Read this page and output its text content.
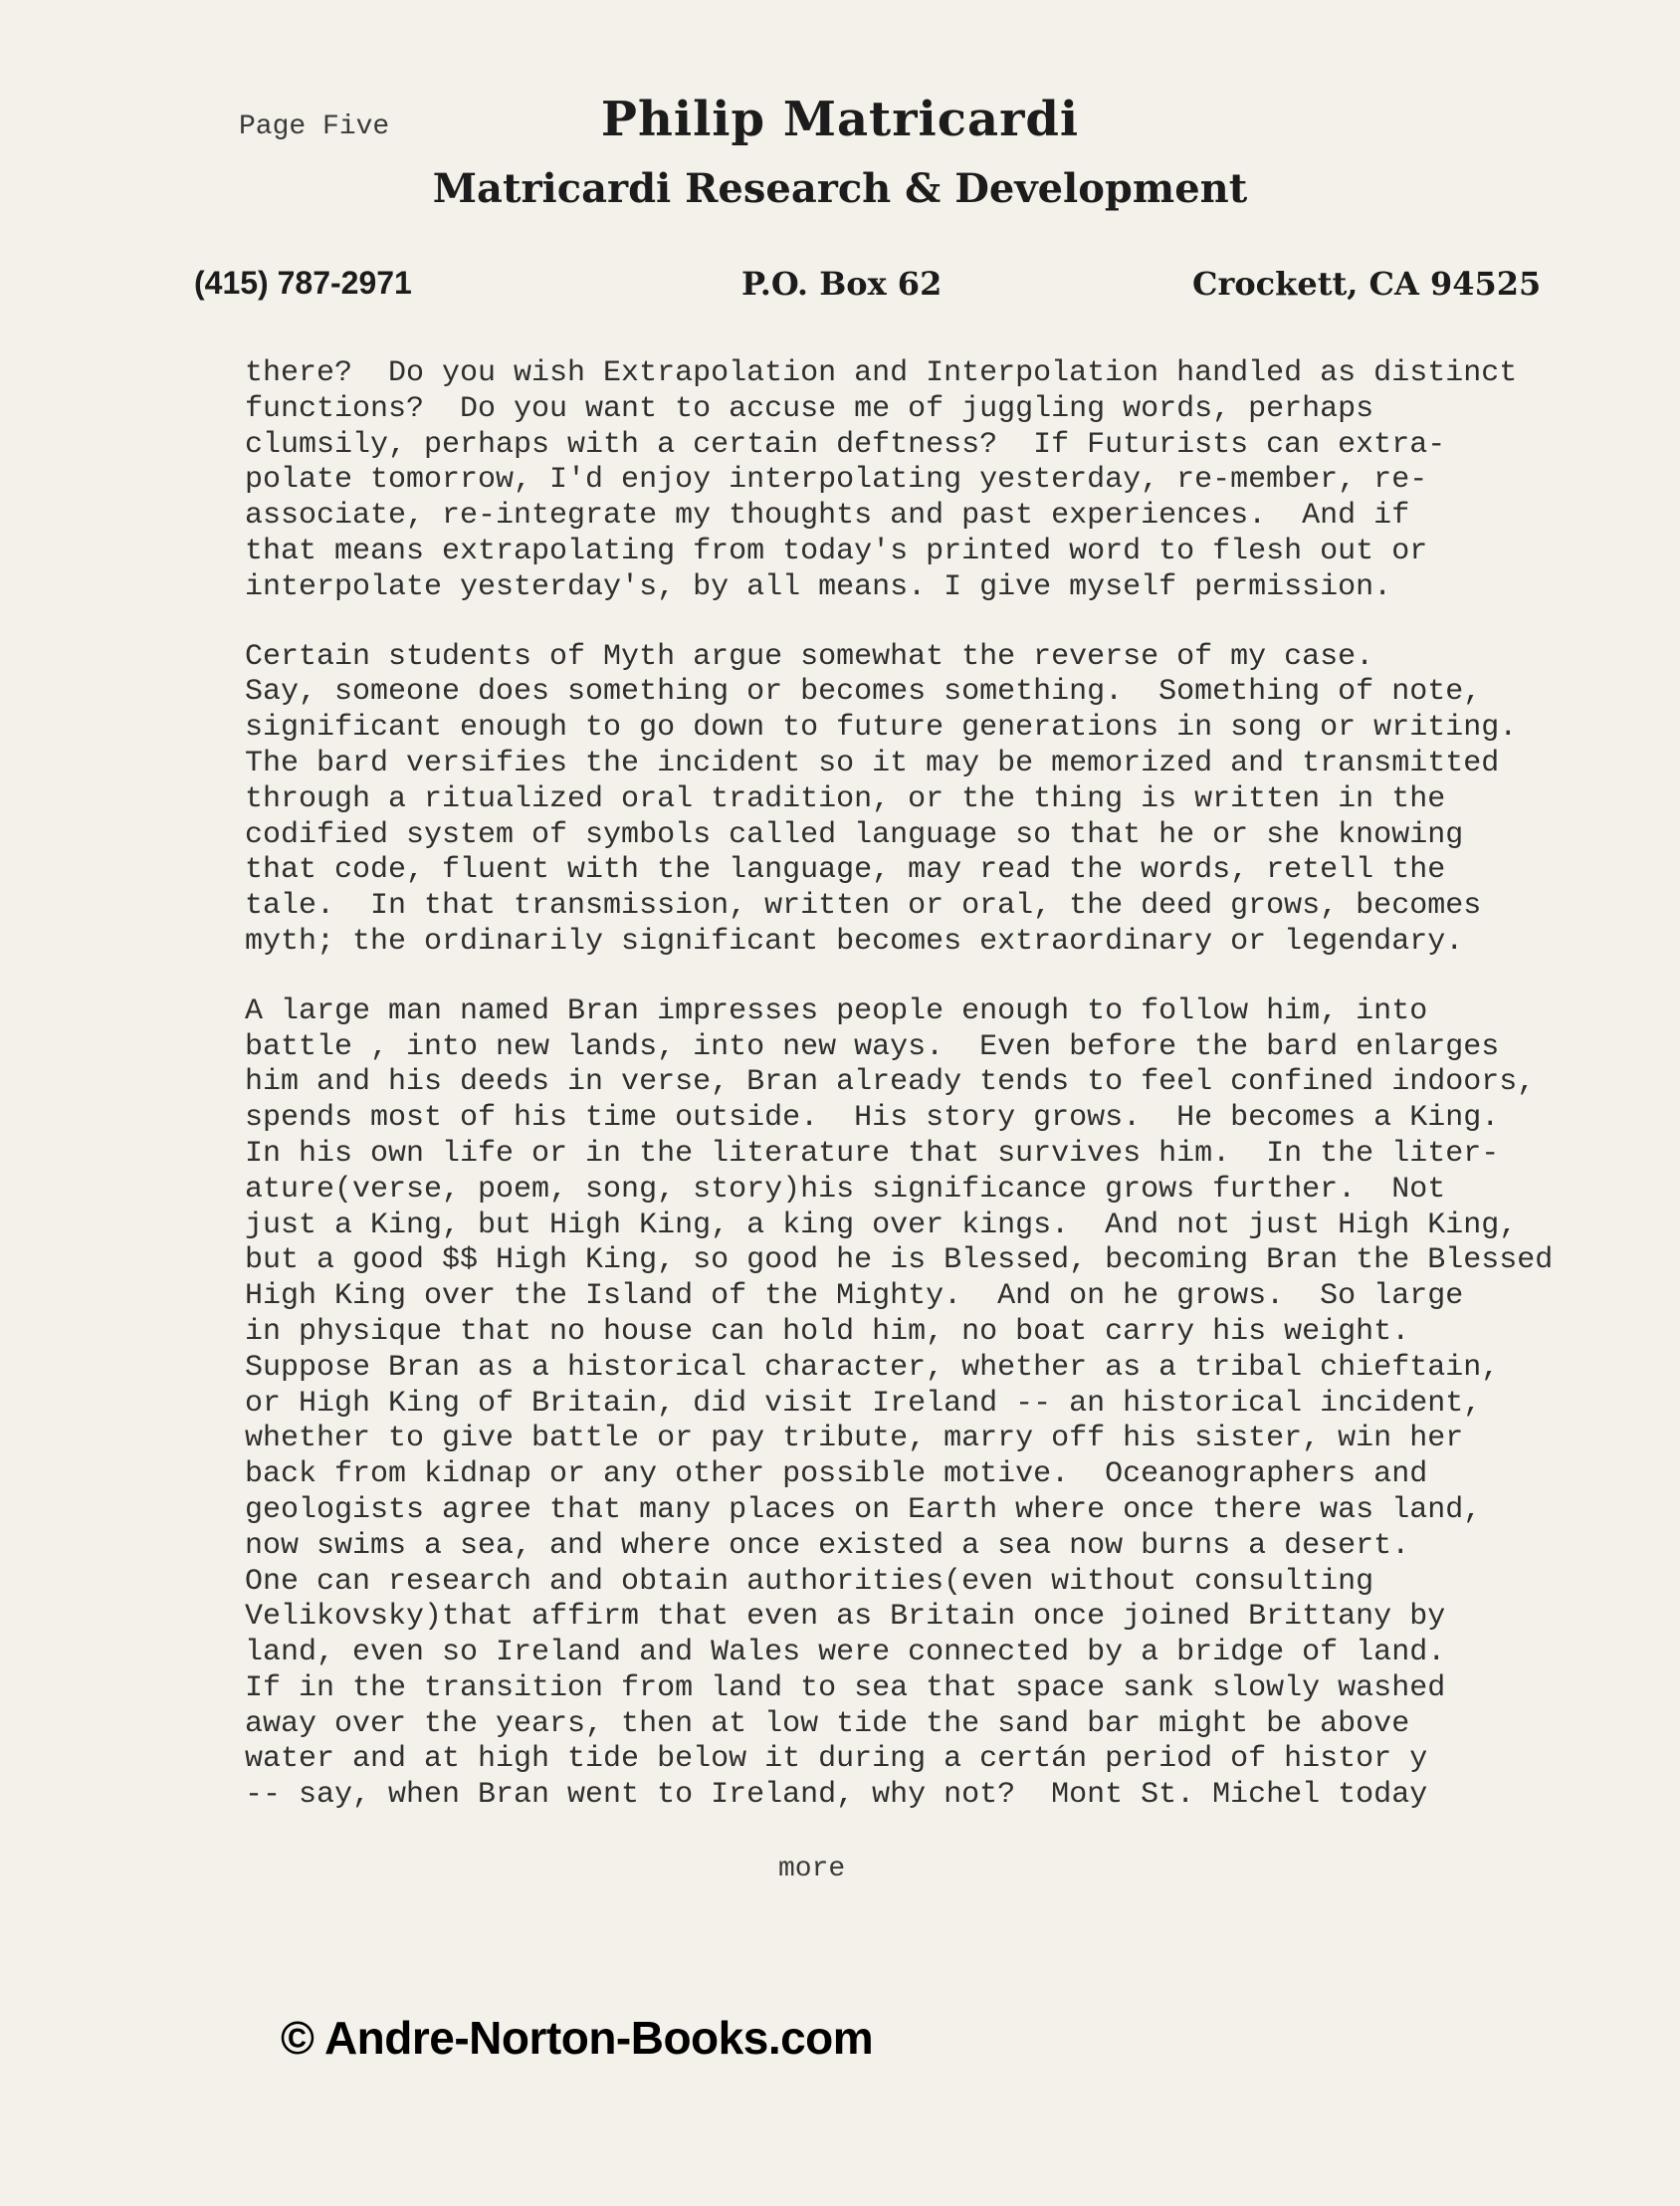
Page Five	Philip Matricardi
Matricardi Research & Development
(415) 787-2971	P.O. Box 62	Crockett, CA 94525
there?  Do you wish Extrapolation and Interpolation handled as distinct
functions?  Do you want to accuse me of juggling words, perhaps
clumsily, perhaps with a certain deftness?  If Futurists can extra-
polate tomorrow, I'd enjoy interpolating yesterday, re-member, re-
associate, re-integrate my thoughts and past experiences.  And if
that means extrapolating from today's printed word to flesh out or
interpolate yesterday's, by all means. I give myself permission.
Certain students of Myth argue somewhat the reverse of my case.
Say, someone does something or becomes something.  Something of note,
significant enough to go down to future generations in song or writing.
The bard versifies the incident so it may be memorized and transmitted
through a ritualized oral tradition, or the thing is written in the
codified system of symbols called language so that he or she knowing
that code, fluent with the language, may read the words, retell the
tale.  In that transmission, written or oral, the deed grows, becomes
myth; the ordinarily significant becomes extraordinary or legendary.
A large man named Bran impresses people enough to follow him, into
battle , into new lands, into new ways.  Even before the bard enlarges
him and his deeds in verse, Bran already tends to feel confined indoors,
spends most of his time outside.  His story grows.  He becomes a King.
In his own life or in the literature that survives him.  In the liter-
ature(verse, poem, song, story)his significance grows further.  Not
just a King, but High King, a king over kings.  And not just High King,
but a good $$ High King, so good he is Blessed, becoming Bran the Blessed
High King over the Island of the Mighty.  And on he grows.  So large
in physique that no house can hold him, no boat carry his weight.
Suppose Bran as a historical character, whether as a tribal chieftain,
or High King of Britain, did visit Ireland -- an historical incident,
whether to give battle or pay tribute, marry off his sister, win her
back from kidnap or any other possible motive.  Oceanographers and
geologists agree that many places on Earth where once there was land,
now swims a sea, and where once existed a sea now burns a desert.
One can research and obtain authorities(even without consulting
Velikovsky)that affirm that even as Britain once joined Brittany by
land, even so Ireland and Wales were connected by a bridge of land.
If in the transition from land to sea that space sank slowly washed
away over the years, then at low tide the sand bar might be above
water and at high tide below it during a certán period of histor y
-- say, when Bran went to Ireland, why not?  Mont St. Michel today
more
© Andre-Norton-Books.com
